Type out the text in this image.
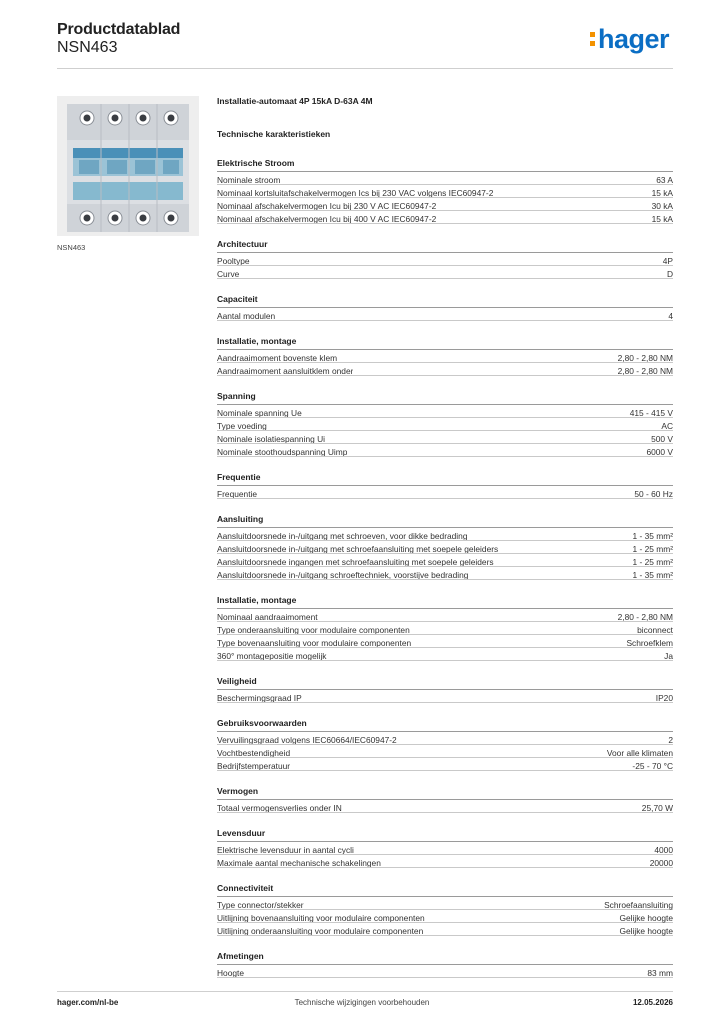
Productdatablad
NSN463	hager
NSN463
Installatie-automaat 4P 15kA D-63A 4M
Technische karakteristieken
Elektrische Stroom
Nominale stroom	63 A
Nominaal kortsluitafschakelvermogen Ics bij 230 VAC volgens IEC60947-2	15 kA
Nominaal afschakelvermogen Icu bij 230 V AC IEC60947-2	30 kA
Nominaal afschakelvermogen Icu bij 400 V AC IEC60947-2	15 kA
Architectuur
Pooltype	4P
Curve	D
Capaciteit
Aantal modulen	4
Installatie, montage
Aandraaimoment bovenste klem	2,80 - 2,80 NM
Aandraaimoment aansluitklem onder	2,80 - 2,80 NM
Spanning
Nominale spanning Ue	415 - 415 V
Type voeding	AC
Nominale isolatiespanning Ui	500 V
Nominale stoothoudspanning Uimp	6000 V
Frequentie
Frequentie	50 - 60 Hz
Aansluiting
Aansluitdoorsnede in-/uitgang met schroeven, voor dikke bedrading	1 - 35 mm²
Aansluitdoorsnede in-/uitgang met schroefaansluiting met soepele geleiders	1 - 25 mm²
Aansluitdoorsnede ingangen met schroefaansluiting met soepele geleiders	1 - 25 mm²
Aansluitdoorsnede in-/uitgang schroeftechniek, voorstijve bedrading	1 - 35 mm²
Installatie, montage
Nominaal aandraaimoment	2,80 - 2,80 NM
Type onderaansluiting voor modulaire componenten	biconnect
Type bovenaansluiting voor modulaire componenten	Schroefklem
360° montagepositie mogelijk	Ja
Veiligheid
Beschermingsgraad IP	IP20
Gebruiksvoorwaarden
Vervuilingsgraad volgens IEC60664/IEC60947-2	2
Vochtbestendigheid	Voor alle klimaten
Bedrijfstemperatuur	-25 - 70 °C
Vermogen
Totaal vermogensverlies onder IN	25,70 W
Levensduur
Elektrische levensduur in aantal cycli	4000
Maximale aantal mechanische schakelingen	20000
Connectiviteit
Type connector/stekker	Schroefaansluiting
Uitlijning bovenaansluiting voor modulaire componenten	Gelijke hoogte
Uitlijning onderaansluiting voor modulaire componenten	Gelijke hoogte
Afmetingen
Hoogte	83 mm
hager.com/nl-be	Technische wijzigingen voorbehouden	12.05.2026
